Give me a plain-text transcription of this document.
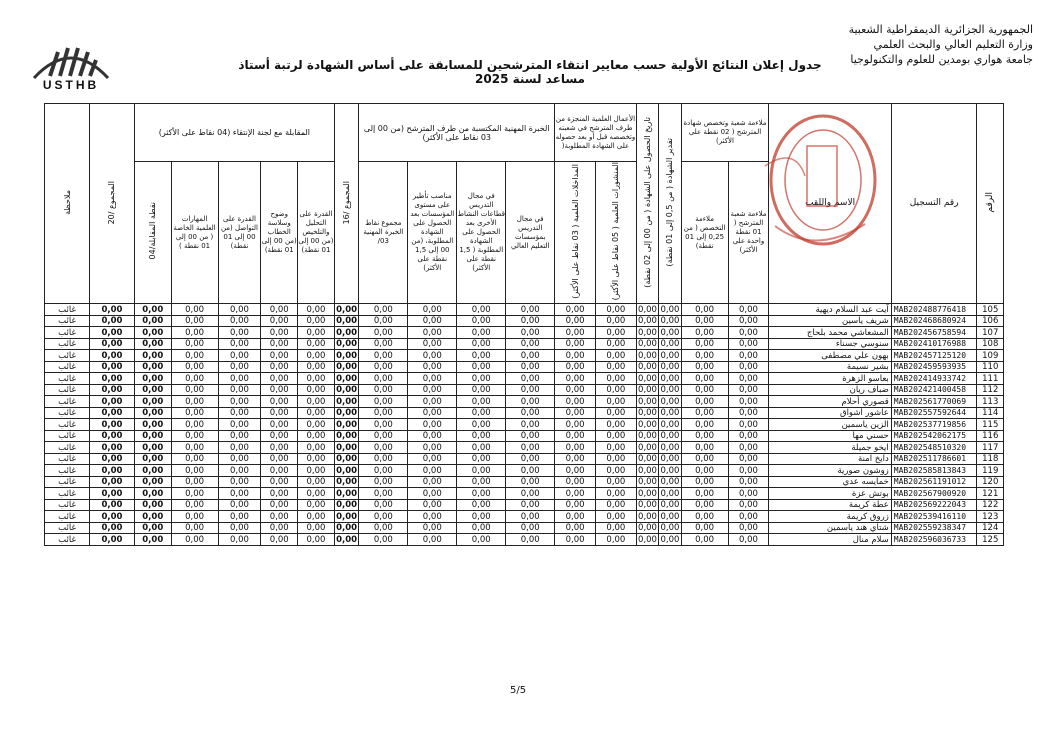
الجمهورية الجزائرية الديمقراطية الشعبية
وزارة التعليم العالي والبحث العلمي
جامعة هواري بومدين للعلوم والتكنولوجيا
USTHB
جدول إعلان النتائج الأولية حسب معايير انتقاء المترشحين للمسابقة على أساس الشهادة لرتبة أستاذ مساعد لسنة 2025
الرقم	رقم التسجيل	الاسم واللقب	ملاءمة شعبة وتخصص شهادة المترشح ( 02 نقطة على الأكثر)		تقدير الشهادة ( من 0,5 إلى 01 نقطة)	تاريخ الحصول على الشهادة ( من 00 إلى 02 نقطة)	الأعمال العلمية المنجزة من طرف المترشح في شعبته وتخصصه قبل أو بعد حصوله على الشهادة المطلوبة(		الخبرة المهنية المكتسبة من طرف المترشح (من 00 إلى 03 نقاط على الأكثر)				المجموع /16	المقابلة مع لجنة الإنتقاء (04 نقاط على الأكثر)					المجموع /20	ملاحظة
			ملاءمة شعبة المترشح ( 01 نقطة واحدة على الأكثر)	ملاءمة التخصص ( من 0,25 إلى 01 نقطة)			المنشورات العلمية ( 05 نقاط على الأكثر)	المداخلات العلمية ( 03 نقاط على الأكثر)	في مجال التدريس بمؤسسات التعليم العالي	في مجال التدريس قطاعات النشاط الأخرى بعد الحصول على الشهادة المطلوبة ( 1,5 نقطة على الأكثر)	مناصب تأطير على مستوى المؤسسات بعد الحصول على الشهادة المطلوبة، (من 00 إلى 1,5 نقطة على الأكثر)	مجموع نقاط الخبرة المهنية 03/		القدرة على التحليل والتلخيص (من 00 إلى 01 نقطة)	وضوح وسلاسة الخطاب (من 00 إلى 01 نقطة)	القدرة على التواصل (من 00 إلى 01 نقطة)	المهارات العلمية الخاصة ( من 00 إلى 01 نقطة )	نقطة المقابلة/04		
105	MAB202488776418	آيت عبد السلام ديهية	0,00	0,00	0,00	0,00	0,00	0,00	0,00	0,00	0,00	0,00	0,00	0,00	0,00	0,00	0,00	0,00	0,00	غائب
106	MAB202468680924	شريف ياسين	0,00	0,00	0,00	0,00	0,00	0,00	0,00	0,00	0,00	0,00	0,00	0,00	0,00	0,00	0,00	0,00	0,00	غائب
107	MAB202456758594	المشعاشي محمد بلحاج	0,00	0,00	0,00	0,00	0,00	0,00	0,00	0,00	0,00	0,00	0,00	0,00	0,00	0,00	0,00	0,00	0,00	غائب
108	MAB202410176988	سنوسي جسناء	0,00	0,00	0,00	0,00	0,00	0,00	0,00	0,00	0,00	0,00	0,00	0,00	0,00	0,00	0,00	0,00	0,00	غائب
109	MAB202457125120	بهون علي مصطفى	0,00	0,00	0,00	0,00	0,00	0,00	0,00	0,00	0,00	0,00	0,00	0,00	0,00	0,00	0,00	0,00	0,00	غائب
110	MAB202459593935	بشير نسيمة	0,00	0,00	0,00	0,00	0,00	0,00	0,00	0,00	0,00	0,00	0,00	0,00	0,00	0,00	0,00	0,00	0,00	غائب
111	MAB202414933742	بعاسو الزهرة	0,00	0,00	0,00	0,00	0,00	0,00	0,00	0,00	0,00	0,00	0,00	0,00	0,00	0,00	0,00	0,00	0,00	غائب
112	MAB202421400458	ضباف ريان	0,00	0,00	0,00	0,00	0,00	0,00	0,00	0,00	0,00	0,00	0,00	0,00	0,00	0,00	0,00	0,00	0,00	غائب
113	MAB202561770069	قصوري أحلام	0,00	0,00	0,00	0,00	0,00	0,00	0,00	0,00	0,00	0,00	0,00	0,00	0,00	0,00	0,00	0,00	0,00	غائب
114	MAB202557592644	عاشور أشواق	0,00	0,00	0,00	0,00	0,00	0,00	0,00	0,00	0,00	0,00	0,00	0,00	0,00	0,00	0,00	0,00	0,00	غائب
115	MAB202537719856	الزين ياسمين	0,00	0,00	0,00	0,00	0,00	0,00	0,00	0,00	0,00	0,00	0,00	0,00	0,00	0,00	0,00	0,00	0,00	غائب
116	MAB202542062175	حسني مها	0,00	0,00	0,00	0,00	0,00	0,00	0,00	0,00	0,00	0,00	0,00	0,00	0,00	0,00	0,00	0,00	0,00	غائب
117	MAB202548510320	ايخو جميلة	0,00	0,00	0,00	0,00	0,00	0,00	0,00	0,00	0,00	0,00	0,00	0,00	0,00	0,00	0,00	0,00	0,00	غائب
118	MAB202511786601	دايخ امنة	0,00	0,00	0,00	0,00	0,00	0,00	0,00	0,00	0,00	0,00	0,00	0,00	0,00	0,00	0,00	0,00	0,00	غائب
119	MAB202585813843	زوشون صورية	0,00	0,00	0,00	0,00	0,00	0,00	0,00	0,00	0,00	0,00	0,00	0,00	0,00	0,00	0,00	0,00	0,00	غائب
120	MAB202561191012	خمايسه عدي	0,00	0,00	0,00	0,00	0,00	0,00	0,00	0,00	0,00	0,00	0,00	0,00	0,00	0,00	0,00	0,00	0,00	غائب
121	MAB202567900920	بوتش عزة	0,00	0,00	0,00	0,00	0,00	0,00	0,00	0,00	0,00	0,00	0,00	0,00	0,00	0,00	0,00	0,00	0,00	غائب
122	MAB202569222043	عطة كريمة	0,00	0,00	0,00	0,00	0,00	0,00	0,00	0,00	0,00	0,00	0,00	0,00	0,00	0,00	0,00	0,00	0,00	غائب
123	MAB202539416110	زروق كريمة	0,00	0,00	0,00	0,00	0,00	0,00	0,00	0,00	0,00	0,00	0,00	0,00	0,00	0,00	0,00	0,00	0,00	غائب
124	MAB202559238347	شتاي هند ياسمين	0,00	0,00	0,00	0,00	0,00	0,00	0,00	0,00	0,00	0,00	0,00	0,00	0,00	0,00	0,00	0,00	0,00	غائب
125	MAB202596036733	سلام منال	0,00	0,00	0,00	0,00	0,00	0,00	0,00	0,00	0,00	0,00	0,00	0,00	0,00	0,00	0,00	0,00	0,00	غائب
5/5
